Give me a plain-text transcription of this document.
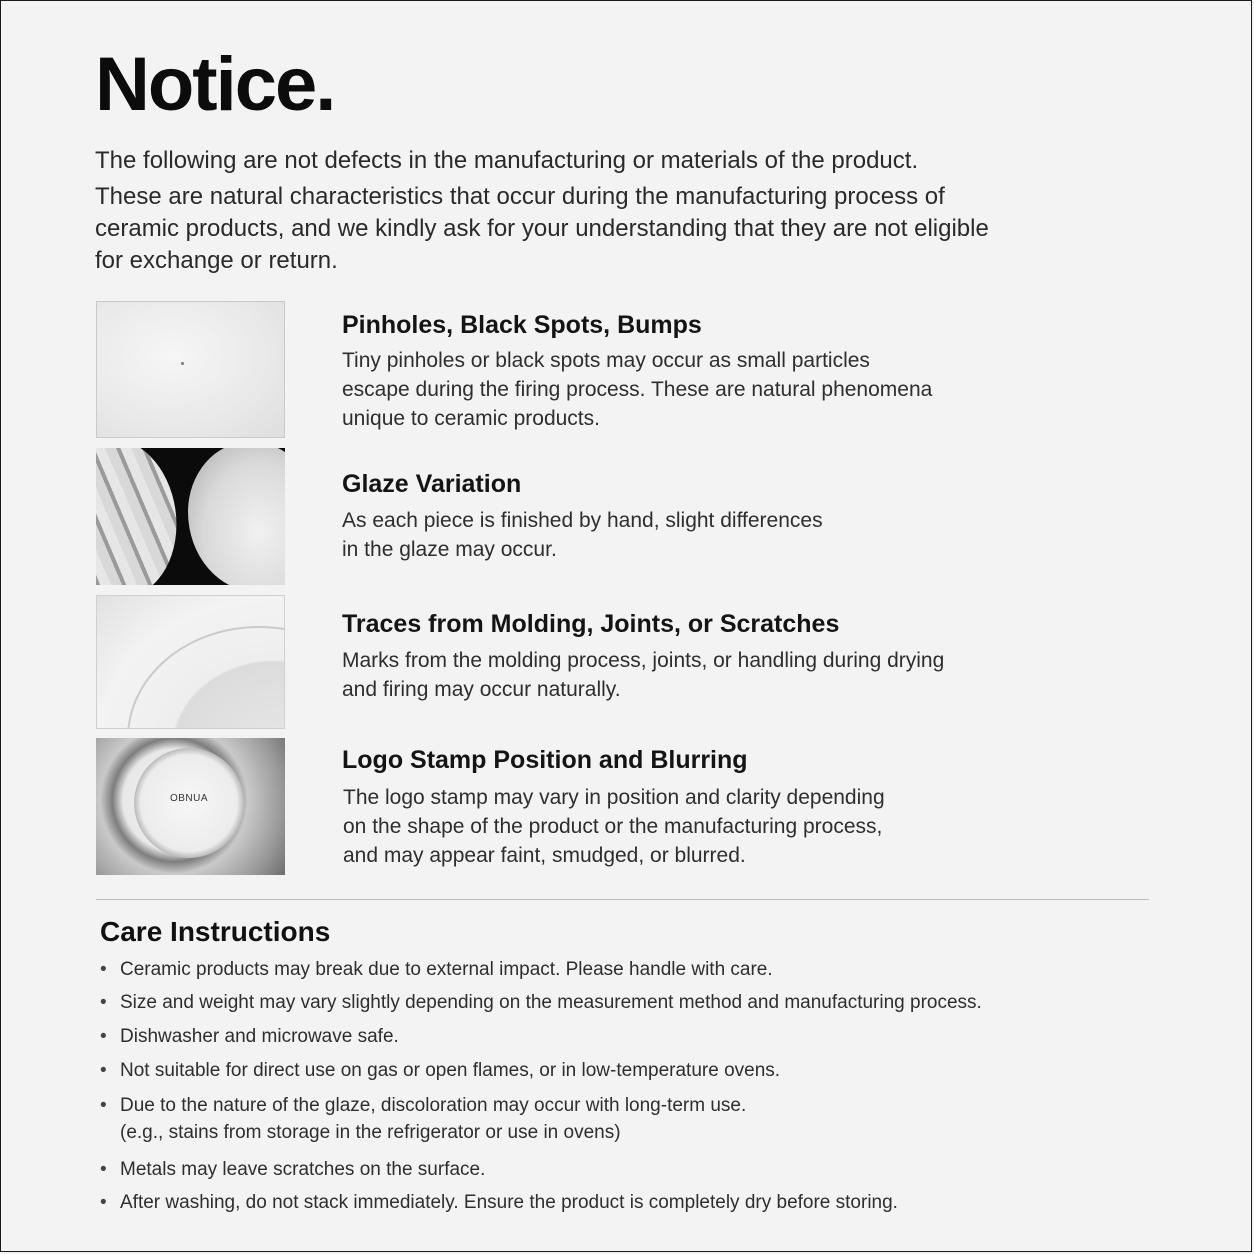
Notice.

The following are not defects in the manufacturing or materials of the product.

These are natural characteristics that occur during the manufacturing process of ceramic products, and we kindly ask for your understanding that they are not eligible for exchange or return.

Pinholes, Black Spots, Bumps

Tiny pinholes or black spots may occur as small particles
escape during the firing process. These are natural phenomena
unique to ceramic products.

Glaze Variation

As each piece is finished by hand, slight differences
in the glaze may occur.

Traces from Molding, Joints, or Scratches

Marks from the molding process, joints, or handling during drying
and firing may occur naturally.

OBNUA
Logo Stamp Position and Blurring

The logo stamp may vary in position and clarity depending
on the shape of the product or the manufacturing process,
and may appear faint, smudged, or blurred.

Care Instructions
• Ceramic products may break due to external impact. Please handle with care.
• Size and weight may vary slightly depending on the measurement method and manufacturing process.
• Dishwasher and microwave safe.
• Not suitable for direct use on gas or open flames, or in low-temperature ovens.
• Due to the nature of the glaze, discoloration may occur with long-term use.
(e.g., stains from storage in the refrigerator or use in ovens)
• Metals may leave scratches on the surface.
• After washing, do not stack immediately. Ensure the product is completely dry before storing.
